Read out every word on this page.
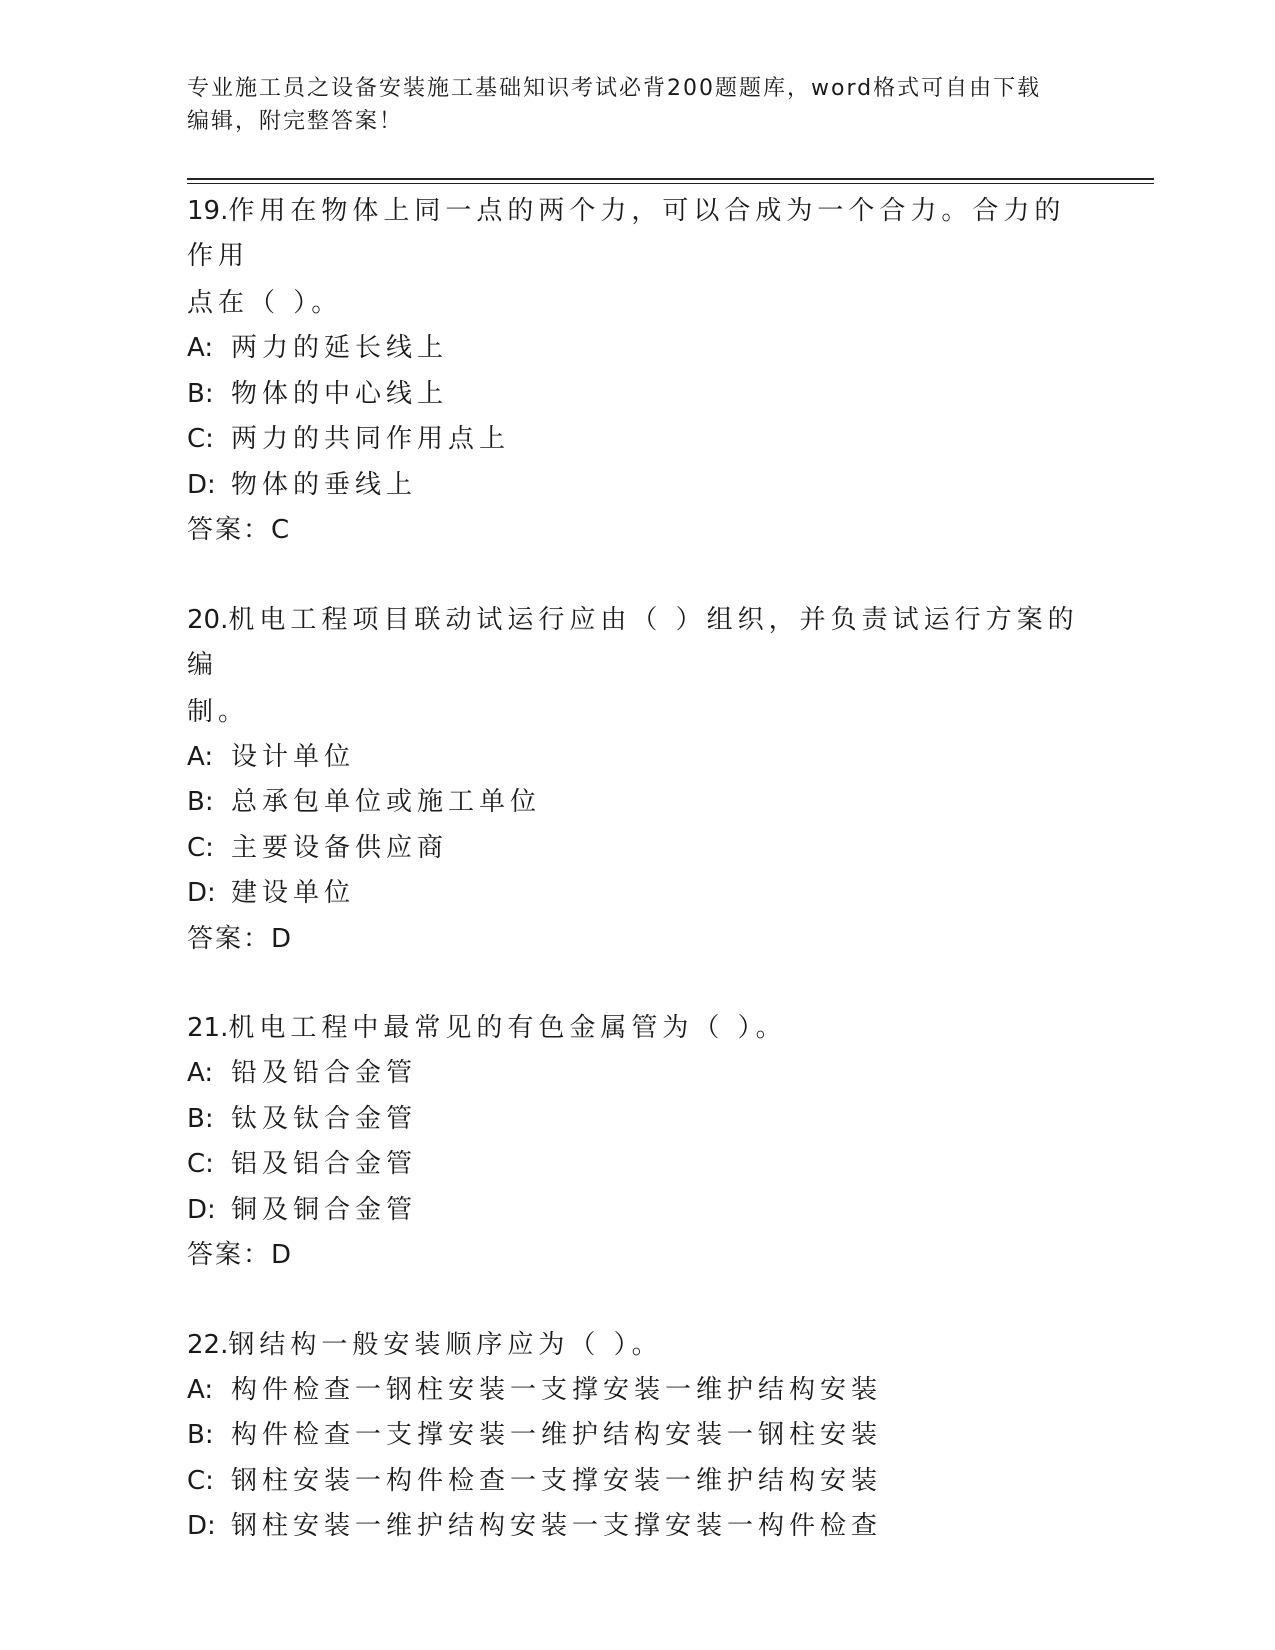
专业施工员之设备安装施工基础知识考试必背200题题库，word格式可自由下载
编辑，附完整答案！
19.作用在物体上同一点的两个力，可以合成为一个合力。合力的作用
点在（ ）。
A: 两力的延长线上
B: 物体的中心线上
C: 两力的共同作用点上
D: 物体的垂线上
答案：C
20.机电工程项目联动试运行应由（ ）组织，并负责试运行方案的编
制。
A: 设计单位
B: 总承包单位或施工单位
C: 主要设备供应商
D: 建设单位
答案：D
21.机电工程中最常见的有色金属管为（ ）。
A: 铅及铅合金管
B: 钛及钛合金管
C: 铝及铝合金管
D: 铜及铜合金管
答案：D
22.钢结构一般安装顺序应为（ ）。
A: 构件检查一钢柱安装一支撑安装一维护结构安装
B: 构件检查一支撑安装一维护结构安装一钢柱安装
C: 钢柱安装一构件检查一支撑安装一维护结构安装
D: 钢柱安装一维护结构安装一支撑安装一构件检查
